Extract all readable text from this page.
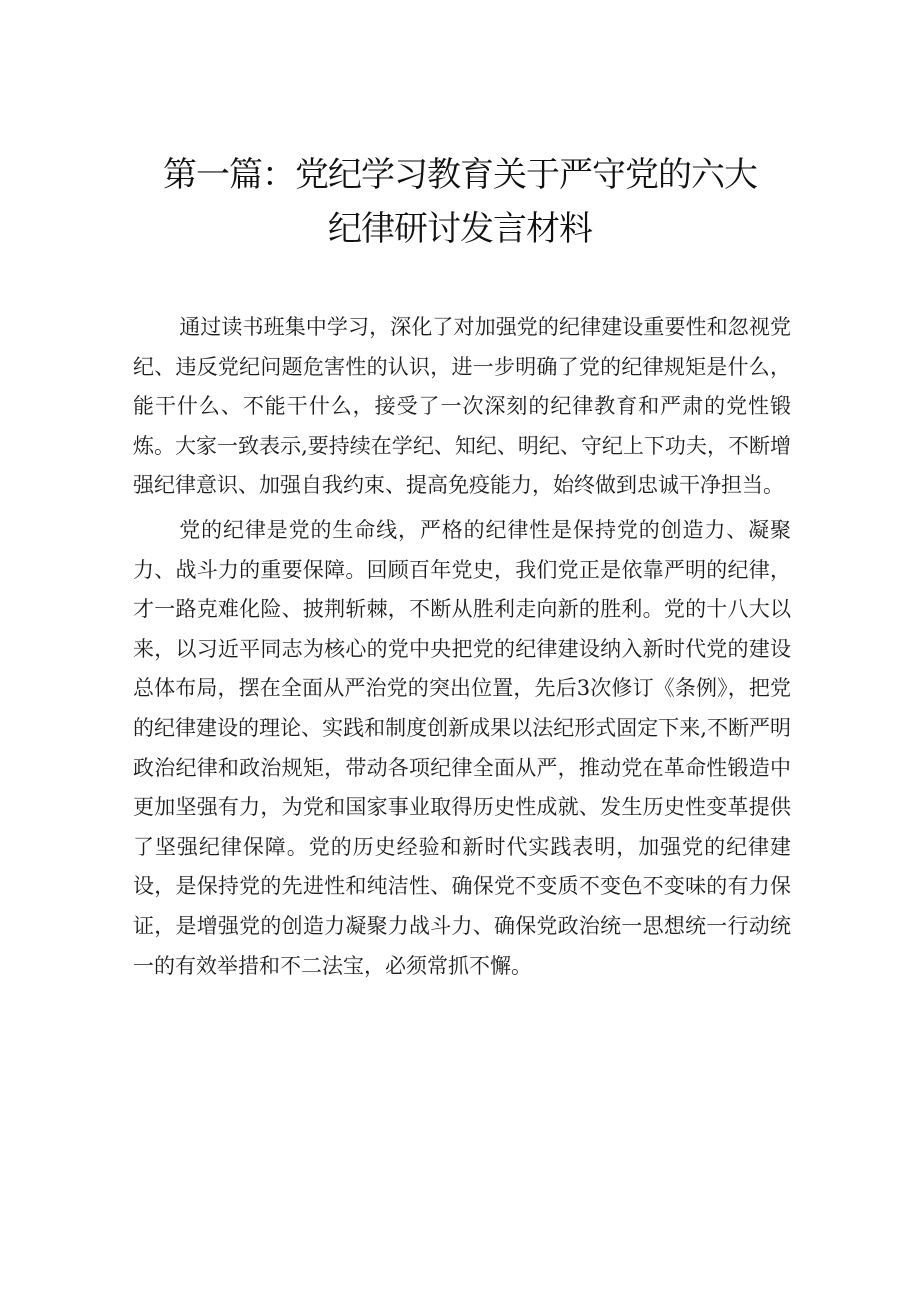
第一篇：党纪学习教育关于严守党的六大
纪律研讨发言材料

通过读书班集中学习，深化了对加强党的纪律建设重要性和忽视党纪、违反党纪问题危害性的认识，进一步明确了党的纪律规矩是什么，能干什么、不能干什么，接受了一次深刻的纪律教育和严肃的党性锻炼。大家一致表示,要持续在学纪、知纪、明纪、守纪上下功夫，不断增强纪律意识、加强自我约束、提高免疫能力，始终做到忠诚干净担当。

党的纪律是党的生命线，严格的纪律性是保持党的创造力、凝聚力、战斗力的重要保障。回顾百年党史，我们党正是依靠严明的纪律，才一路克难化险、披荆斩棘，不断从胜利走向新的胜利。党的十八大以来，以习近平同志为核心的党中央把党的纪律建设纳入新时代党的建设总体布局，摆在全面从严治党的突出位置，先后3次修订《条例》，把党的纪律建设的理论、实践和制度创新成果以法纪形式固定下来,不断严明政治纪律和政治规矩，带动各项纪律全面从严，推动党在革命性锻造中更加坚强有力，为党和国家事业取得历史性成就、发生历史性变革提供了坚强纪律保障。党的历史经验和新时代实践表明，加强党的纪律建设，是保持党的先进性和纯洁性、确保党不变质不变色不变味的有力保证，是增强党的创造力凝聚力战斗力、确保党政治统一思想统一行动统一的有效举措和不二法宝，必须常抓不懈。
